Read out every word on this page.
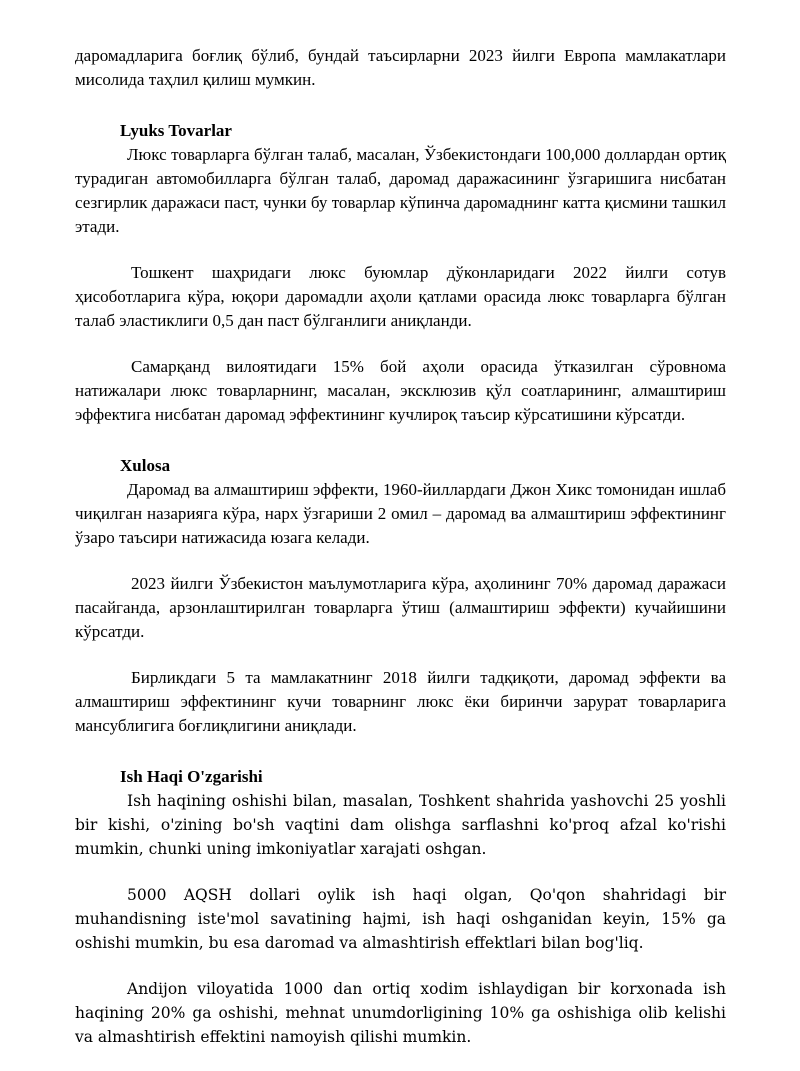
даромадларига боғлиқ бўлиб, бундай таъсирларни 2023 йилги Европа мамлакатлари мисолида таҳлил қилиш мумкин.

Lyuks Tovarlar

Люкс товарларга бўлган талаб, масалан, Ўзбекистондаги 100,000 доллардан ортиқ турадиган автомобилларга бўлган талаб, даромад даражасининг ўзгаришига нисбатан сезгирлик даражаси паст, чунки бу товарлар кўпинча даромаднинг катта қисмини ташкил этади.

Тошкент шаҳридаги люкс буюмлар дўконларидаги 2022 йилги сотув ҳисоботларига кўра, юқори даромадли аҳоли қатлами орасида люкс товарларга бўлган талаб эластиклиги 0,5 дан паст бўлганлиги аниқланди.

Самарқанд вилоятидаги 15% бой аҳоли орасида ўтказилган сўровнома натижалари люкс товарларнинг, масалан, эксклюзив қўл соатларининг, алмаштириш эффектига нисбатан даромад эффектининг кучлироқ таъсир кўрсатишини кўрсатди.

Xulosa

Даромад ва алмаштириш эффекти, 1960-йиллардаги Джон Хикс томонидан ишлаб чиқилган назарияга кўра, нарх ўзгариши 2 омил – даромад ва алмаштириш эффектининг ўзаро таъсири натижасида юзага келади.

2023 йилги Ўзбекистон маълумотларига кўра, аҳолининг 70% даромад даражаси пасайганда, арзонлаштирилган товарларга ўтиш (алмаштириш эффекти) кучайишини кўрсатди.

Бирликдаги 5 та мамлакатнинг 2018 йилги тадқиқоти, даромад эффекти ва алмаштириш эффектининг кучи товарнинг люкс ёки биринчи зарурат товарларига мансублигига боғлиқлигини аниқлади.

Ish Haqi O'zgarishi

Ish haqining oshishi bilan, masalan, Toshkent shahrida yashovchi 25 yoshli bir kishi, o'zining bo'sh vaqtini dam olishga sarflashni ko'proq afzal ko'rishi mumkin, chunki uning imkoniyatlar xarajati oshgan.

5000 AQSH dollari oylik ish haqi olgan, Qo'qon shahridagi bir muhandisning iste'mol savatining hajmi, ish haqi oshganidan keyin, 15% ga oshishi mumkin, bu esa daromad va almashtirish effektlari bilan bog'liq.

Andijon viloyatida 1000 dan ortiq xodim ishlaydigan bir korxonada ish haqining 20% ga oshishi, mehnat unumdorligining 10% ga oshishiga olib kelishi va almashtirish effektini namoyish qilishi mumkin.
